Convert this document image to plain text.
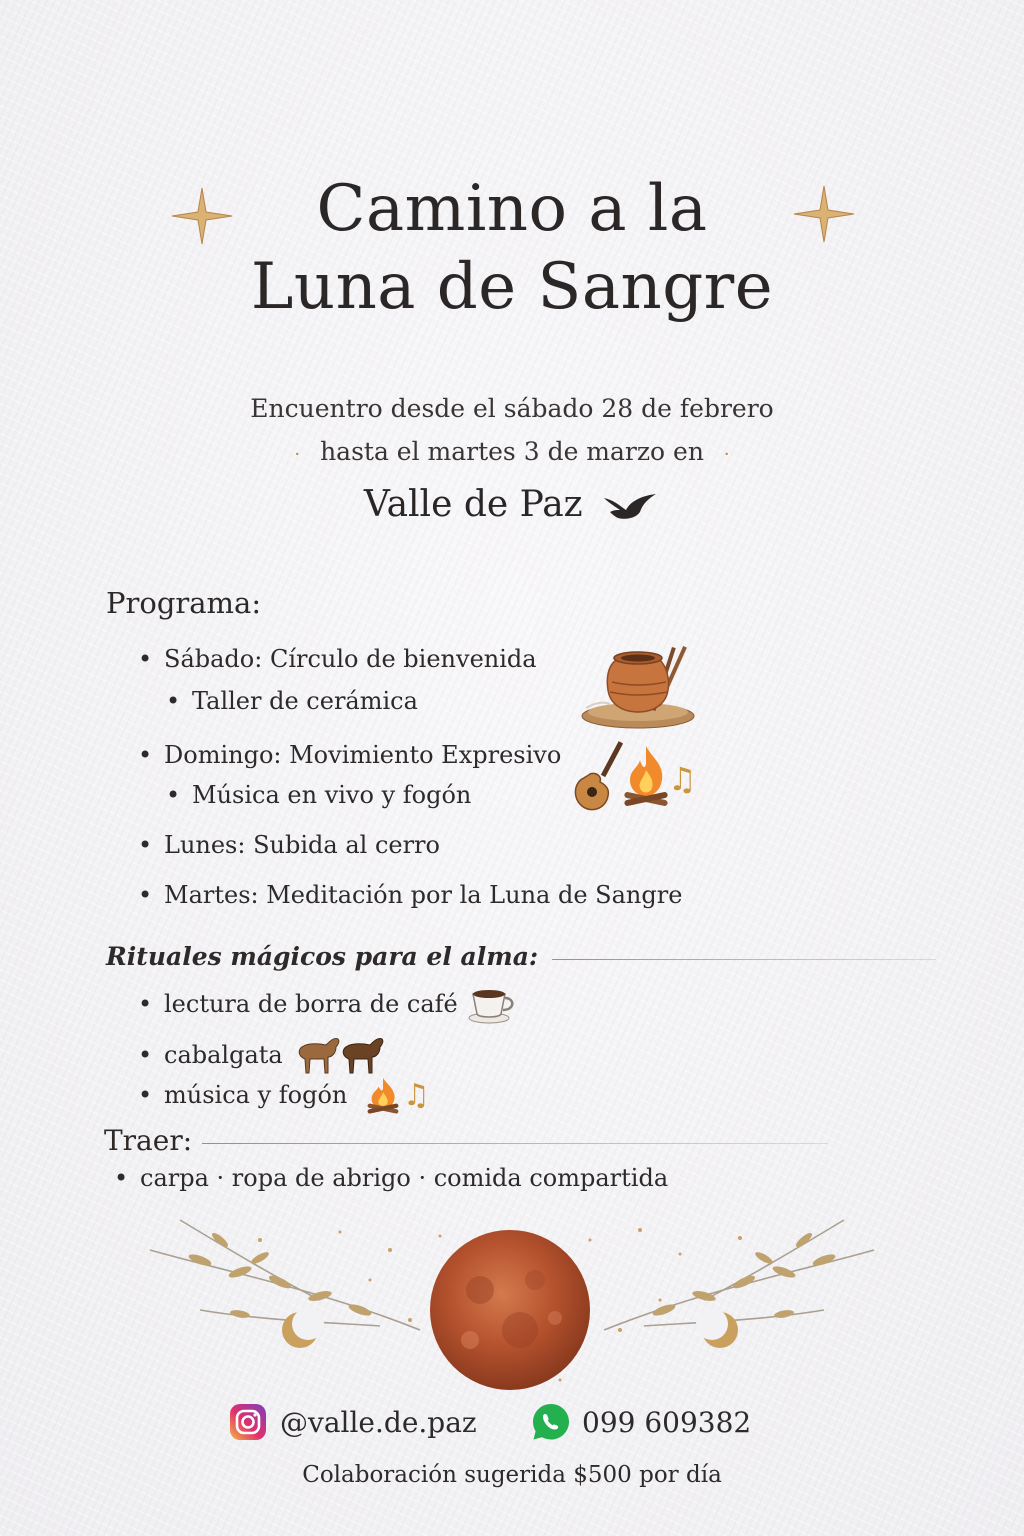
Camino a la
Luna de Sangre
Encuentro desde el sábado 28 de febrero
· hasta el martes 3 de marzo en ·
Valle de Paz
Programa:
• Sábado: Círculo de bienvenida
• Taller de cerámica
• Domingo: Movimiento Expresivo
• Música en vivo y fogón
• Lunes: Subida al cerro
• Martes: Meditación por la Luna de Sangre
♫
Rituales mágicos para el alma:
• lectura de borra de café
• cabalgata
• música y fogón ♫
Traer:
• carpa · ropa de abrigo · comida compartida
@valle.de.paz	099 609382
Colaboración sugerida $500 por día
